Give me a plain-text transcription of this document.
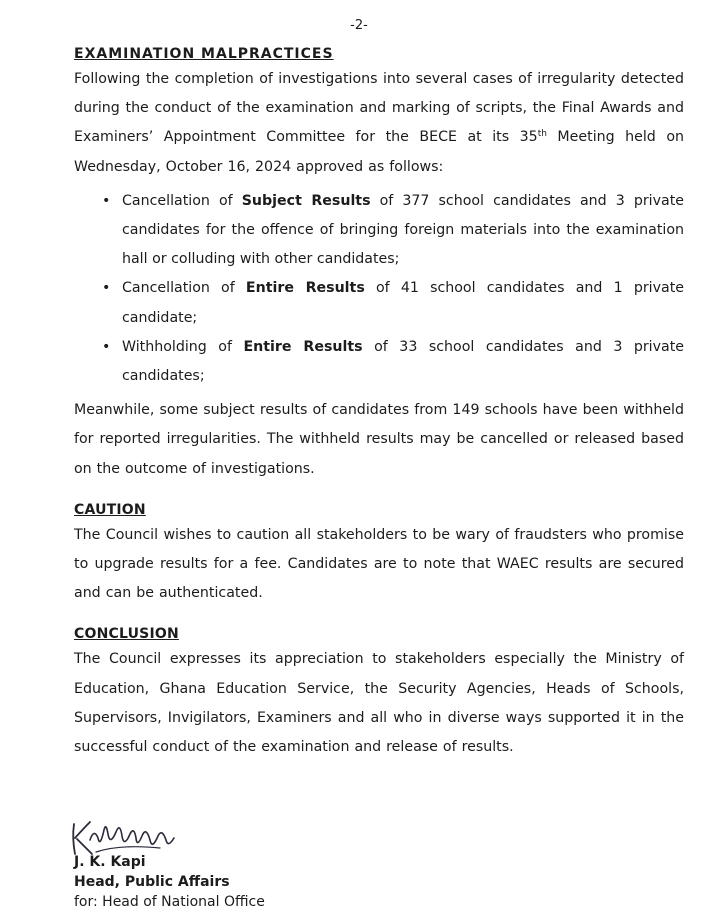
-2-
EXAMINATION MALPRACTICES

Following the completion of investigations into several cases of irregularity detected during the conduct of the examination and marking of scripts, the Final Awards and Examiners’ Appointment Committee for the BECE at its 35th Meeting held on Wednesday, October 16, 2024 approved as follows:

• Cancellation of Subject Results of 377 school candidates and 3 private candidates for the offence of bringing foreign materials into the examination hall or colluding with other candidates;
• Cancellation of Entire Results of 41 school candidates and 1 private candidate;
• Withholding of Entire Results of 33 school candidates and 3 private candidates;

Meanwhile, some subject results of candidates from 149 schools have been withheld for reported irregularities. The withheld results may be cancelled or released based on the outcome of investigations.

CAUTION

The Council wishes to caution all stakeholders to be wary of fraudsters who promise to upgrade results for a fee. Candidates are to note that WAEC results are secured and can be authenticated.

CONCLUSION

The Council expresses its appreciation to stakeholders especially the Ministry of Education, Ghana Education Service, the Security Agencies, Heads of Schools, Supervisors, Invigilators, Examiners and all who in diverse ways supported it in the successful conduct of the examination and release of results.

J. K. Kapi
Head, Public Affairs
for: Head of National Office
